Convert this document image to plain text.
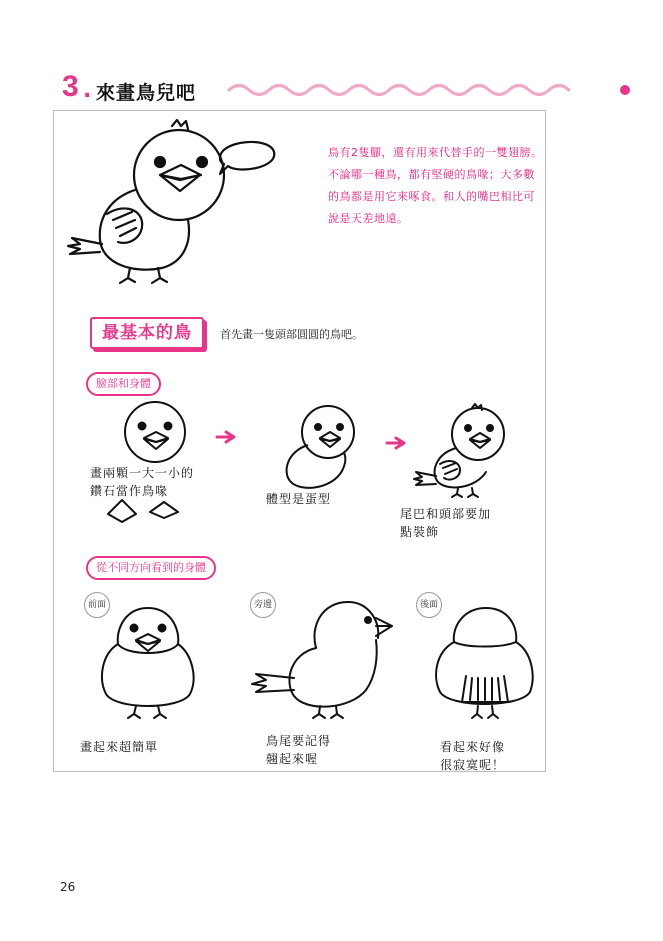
3 . 來畫鳥兒吧
鳥有2隻腳，還有用來代替手的一雙翅膀。
不論哪一種鳥，都有堅硬的鳥喙；大多數
的鳥都是用它來啄食。和人的嘴巴相比可
說是天差地遠。
最基本的鳥	首先畫一隻頭部圓圓的鳥吧。
臉部和身體
畫兩顆一大一小的
鑽石當作鳥喙
體型是蛋型
尾巴和頭部要加
點裝飾
從不同方向看到的身體
前面	旁邊	後面
畫起來超簡單	鳥尾要記得
翹起來喔
看起來好像
很寂寞呢！
26
